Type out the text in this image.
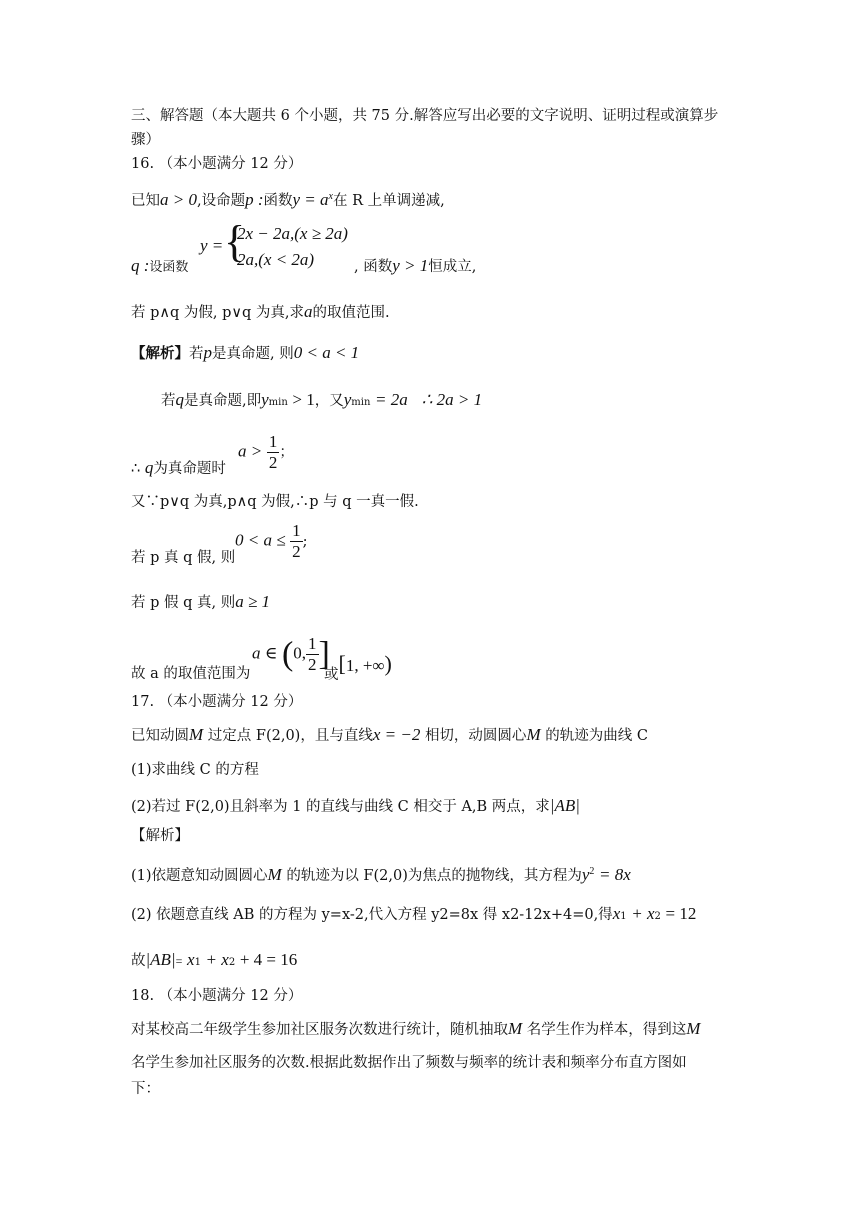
三、解答题（本大题共 6 个小题，共 75 分.解答应写出必要的文字说明、证明过程或演算步
骤）
16. （本小题满分 12 分）
已知a > 0,设命题p :函数$y = a^x$在 R 上单调递减,
q :设函数
y = {
2x − 2a,(x ≥ 2a)
2a,(x < 2a)	, 函数y > 1恒成立,
若 p∧q 为假, p∨q 为真,求a的取值范围.
【解析】若p是真命题, 则0 < a < 1
若q是真命题,即ymin > 1，又ymin = 2a ∴ 2a > 1
∴ q为真命题时
$a > \frac{1}{2}$ ；
又∵p∨q 为真,p∧q 为假,∴p 与 q 一真一假.
若 p 真 q 假, 则
$0 < a \le \frac{1}{2}$ ;
若 p 假 q 真, 则a ≥ 1
故 a 的取值范围为
a ∈ (0, $\frac{1}{2}$ ]
或[1, +∞)
17. （本小题满分 12 分）
已知动圆M 过定点 F(2,0)，且与直线x = −2 相切，动圆圆心M 的轨迹为曲线 C
(1)求曲线 C 的方程
(2)若过 F(2,0)且斜率为 1 的直线与曲线 C 相交于 A,B 两点，求|AB|
【解析】
(1)依题意知动圆圆心M 的轨迹为以 F(2,0)为焦点的抛物线，其方程为$y^2 = 8x$
(2) 依题意直线 AB 的方程为 y=x-2,代入方程 y2=8x 得 x2-12x+4=0,得x1 + x2 = 12
故|AB|= x1 + x2 + 4 = 16
18. （本小题满分 12 分）
对某校高二年级学生参加社区服务次数进行统计，随机抽取M 名学生作为样本，得到这M
名学生参加社区服务的次数.根据此数据作出了频数与频率的统计表和频率分布直方图如
下：
